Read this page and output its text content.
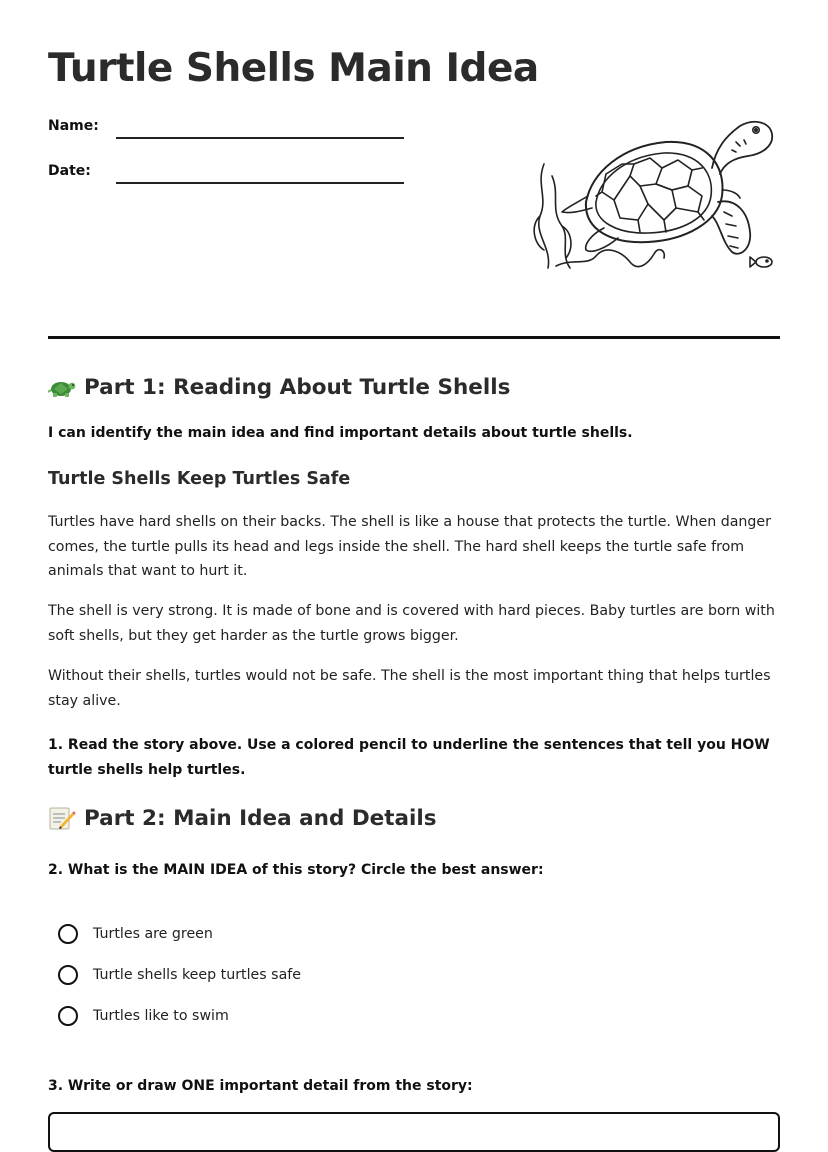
Turtle Shells Main Idea
Name:
Date:
Part 1: Reading About Turtle Shells
I can identify the main idea and find important details about turtle shells.
Turtle Shells Keep Turtles Safe

Turtles have hard shells on their backs. The shell is like a house that protects the turtle. When danger comes, the turtle pulls its head and legs inside the shell. The hard shell keeps the turtle safe from animals that want to hurt it.

The shell is very strong. It is made of bone and is covered with hard pieces. Baby turtles are born with soft shells, but they get harder as the turtle grows bigger.

Without their shells, turtles would not be safe. The shell is the most important thing that helps turtles stay alive.

1. Read the story above. Use a colored pencil to underline the sentences that tell you HOW turtle shells help turtles.

Part 2: Main Idea and Details

2. What is the MAIN IDEA of this story? Circle the best answer:

Turtles are green
Turtle shells keep turtles safe
Turtles like to swim

3. Write or draw ONE important detail from the story:
